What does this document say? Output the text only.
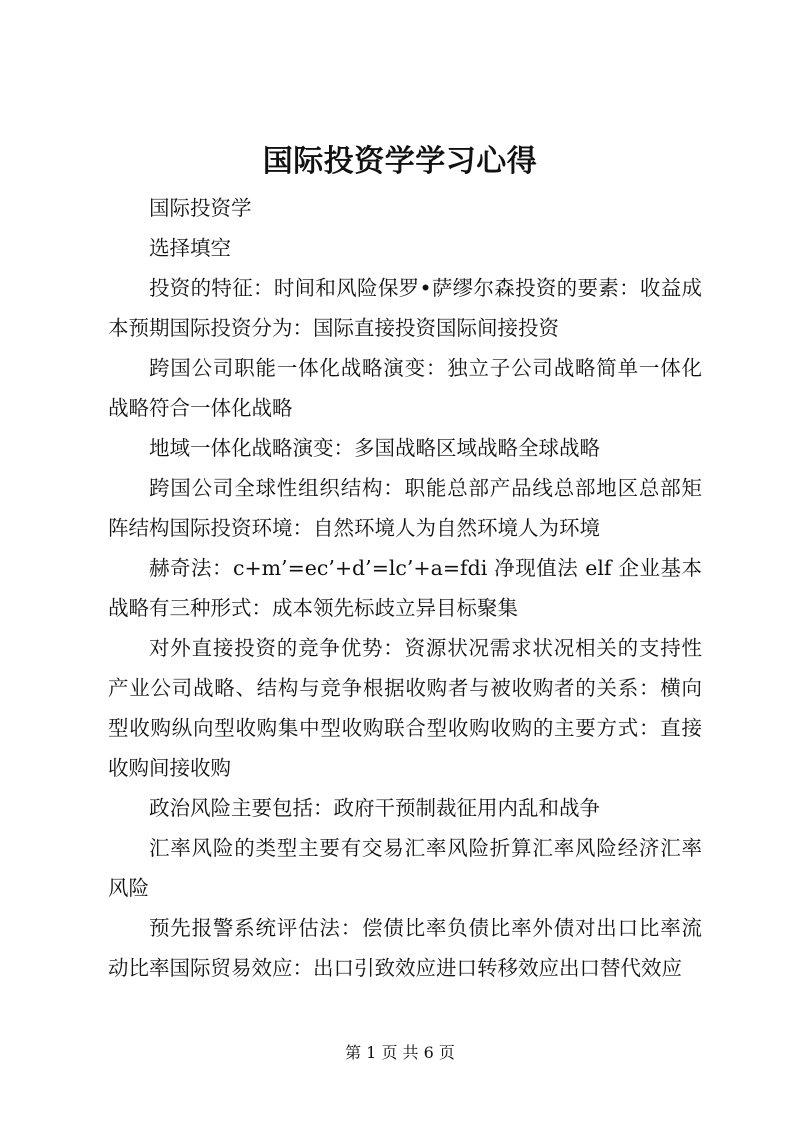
国际投资学学习心得

国际投资学

选择填空

投资的特征：时间和风险保罗•萨缪尔森投资的要素：收益成本预期国际投资分为：国际直接投资国际间接投资

跨国公司职能一体化战略演变：独立子公司战略简单一体化战略符合一体化战略

地域一体化战略演变：多国战略区域战略全球战略

跨国公司全球性组织结构：职能总部产品线总部地区总部矩阵结构国际投资环境：自然环境人为自然环境人为环境

赫奇法：c+m’=ec’+d’=lc’+a=fdi 净现值法 elf 企业基本战略有三种形式：成本领先标歧立异目标聚集

对外直接投资的竞争优势：资源状况需求状况相关的支持性产业公司战略、结构与竞争根据收购者与被收购者的关系：横向型收购纵向型收购集中型收购联合型收购收购的主要方式：直接收购间接收购

政治风险主要包括：政府干预制裁征用内乱和战争

汇率风险的类型主要有交易汇率风险折算汇率风险经济汇率风险

预先报警系统评估法：偿债比率负债比率外债对出口比率流动比率国际贸易效应：出口引致效应进口转移效应出口替代效应

第 1 页 共 6 页
